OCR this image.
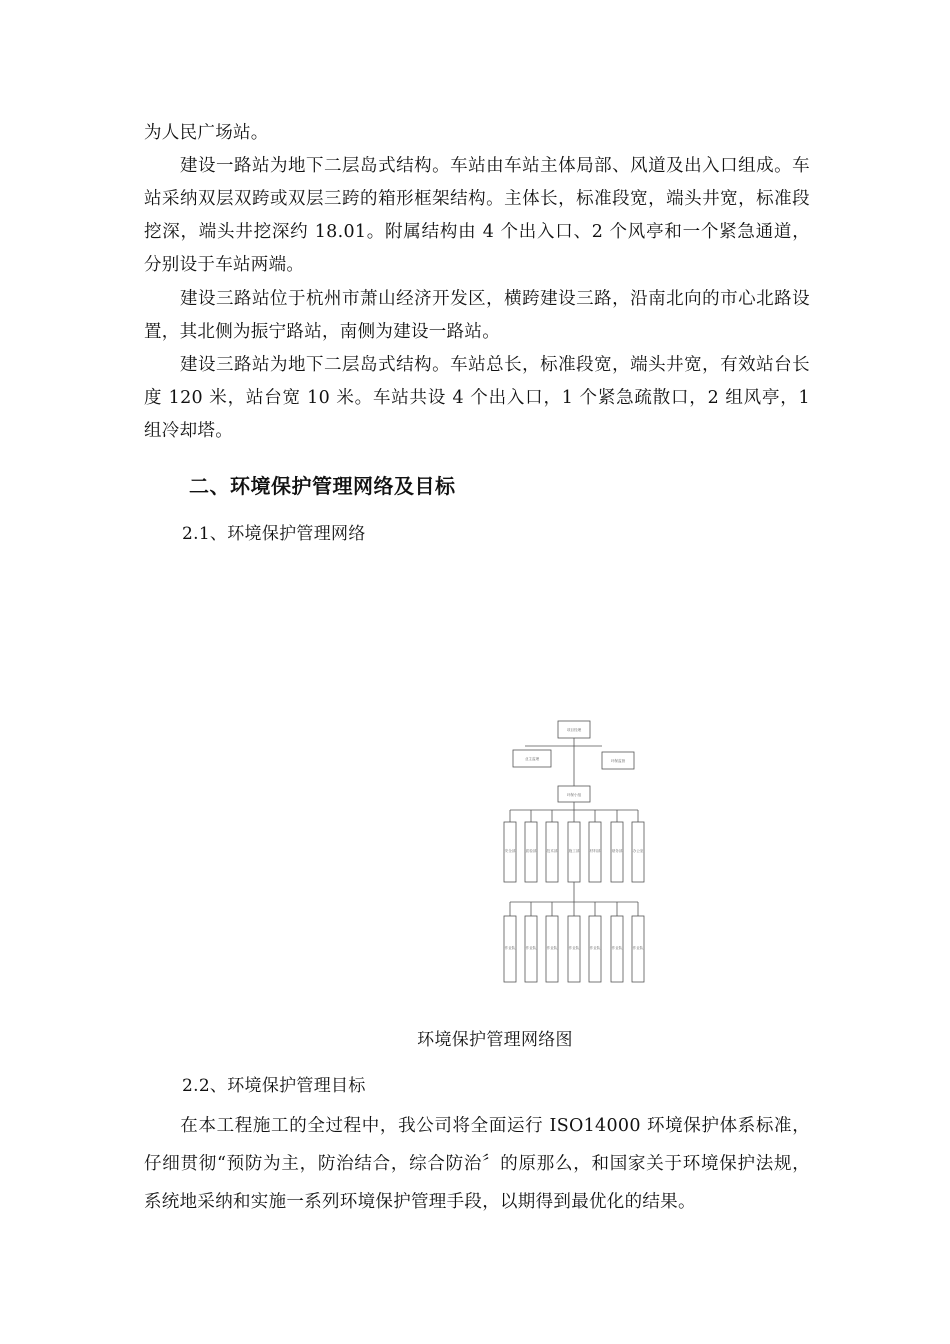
为人民广场站。

　　建设一路站为地下二层岛式结构。车站由车站主体局部、风道及出入口组成。车站采纳双层双跨或双层三跨的箱形框架结构。主体长，标准段宽，端头井宽，标准段挖深，端头井挖深约 18.01。附属结构由 4 个出入口、2 个风亭和一个紧急通道，分别设于车站两端。

　　建设三路站位于杭州市萧山经济开发区，横跨建设三路，沿南北向的市心北路设置，其北侧为振宁路站，南侧为建设一路站。

　　建设三路站为地下二层岛式结构。车站总长，标准段宽，端头井宽，有效站台长度 120 米，站台宽 10 米。车站共设 4 个出入口，1 个紧急疏散口，2 组风亭，1 组冷却塔。

二、环境保护管理网络及目标

2.1、环境保护管理网络

项目经理
业主监理	环保监督
环保小组
安全部	质检部	技术部	施工部	材料部	财务部	办公室
作业队	作业队	作业队	作业队	作业队	作业队	作业队

环境保护管理网络图

2.2、环境保护管理目标

　　在本工程施工的全过程中，我公司将全面运行 ISO14000 环境保护体系标准，仔细贯彻“预防为主，防治结合，综合防治〞的原那么，和国家关于环境保护法规，系统地采纳和实施一系列环境保护管理手段，以期得到最优化的结果。
